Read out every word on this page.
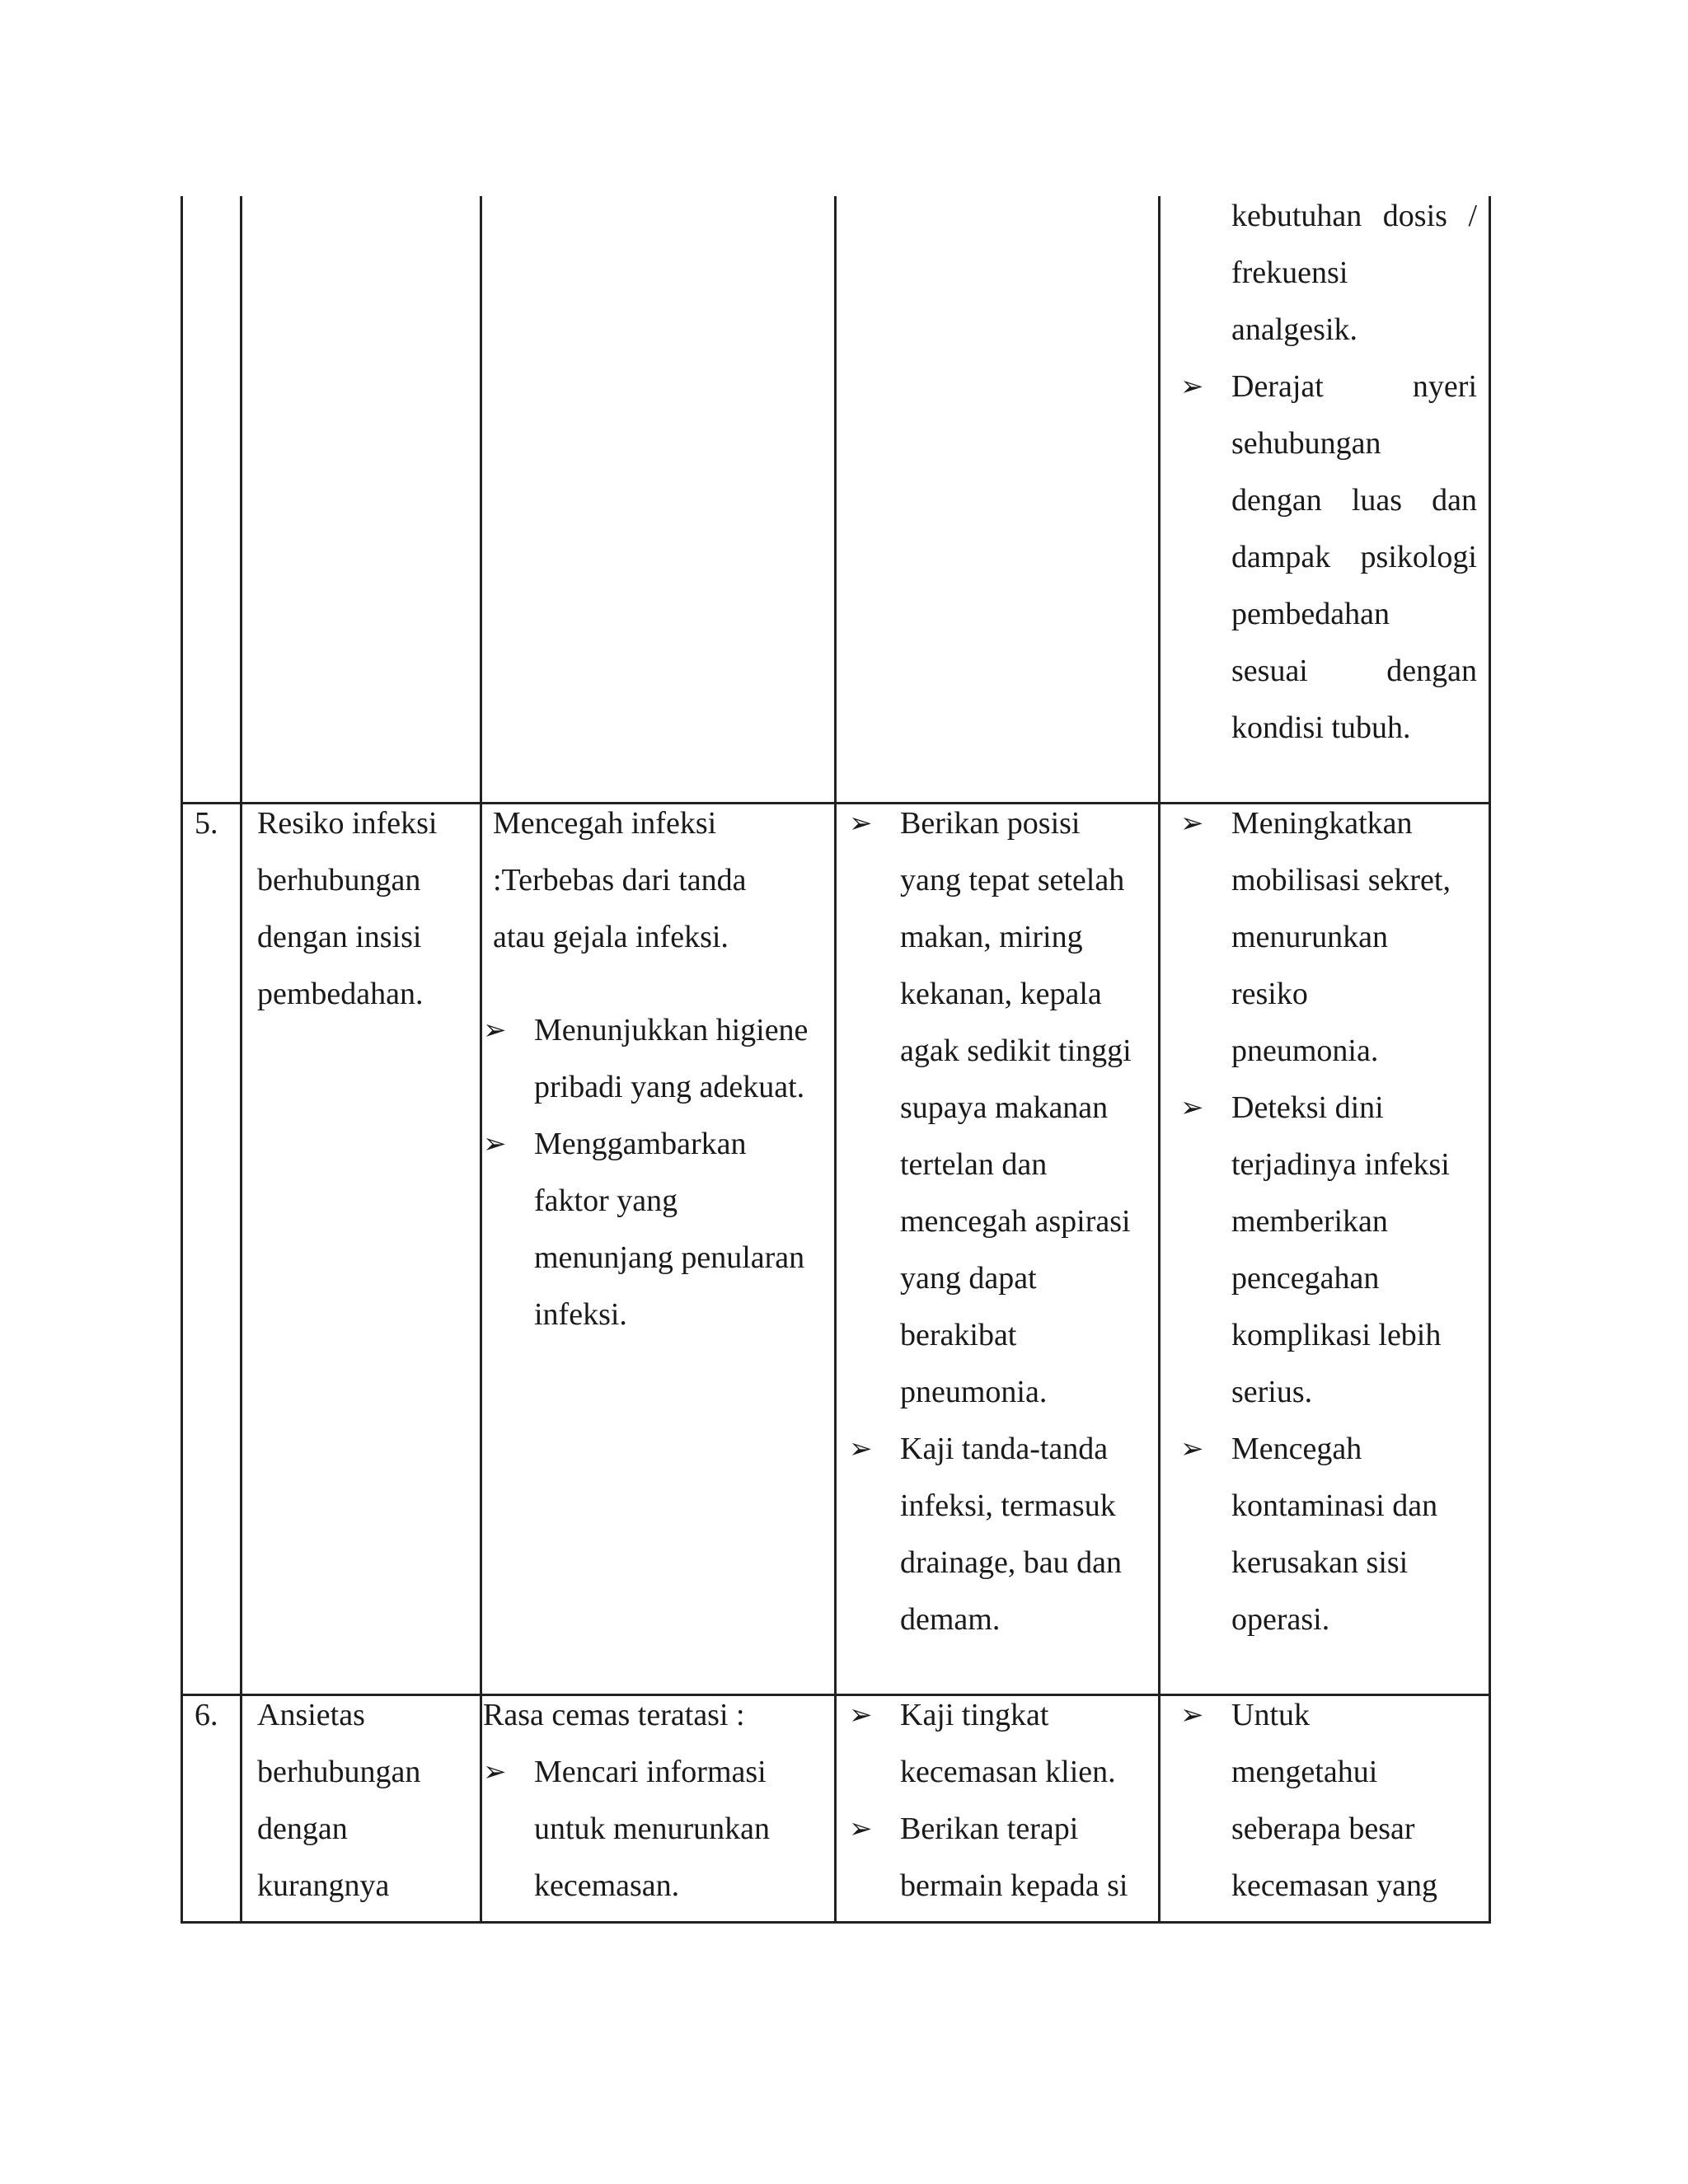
kebutuhan dosis /
frekuensi
analgesik.
➢ Derajat nyeri
sehubungan
dengan luas dan
dampak psikologi
pembedahan
sesuai dengan
kondisi tubuh.
5. Resiko infeksi
berhubungan
dengan insisi
pembedahan.
Mencegah infeksi
:Terbebas dari tanda
atau gejala infeksi.
➢ Menunjukkan higiene
pribadi yang adekuat.
➢ Menggambarkan
faktor yang
menunjang penularan
infeksi.
➢ Berikan posisi
yang tepat setelah
makan, miring
kekanan, kepala
agak sedikit tinggi
supaya makanan
tertelan dan
mencegah aspirasi
yang dapat
berakibat
pneumonia.
➢ Kaji tanda-tanda
infeksi, termasuk
drainage, bau dan
demam.
➢ Meningkatkan
mobilisasi sekret,
menurunkan
resiko
pneumonia.
➢ Deteksi dini
terjadinya infeksi
memberikan
pencegahan
komplikasi lebih
serius.
➢ Mencegah
kontaminasi dan
kerusakan sisi
operasi.
6. Ansietas
berhubungan
dengan
kurangnya
Rasa cemas teratasi :
➢ Mencari informasi
untuk menurunkan
kecemasan.
➢ Kaji tingkat
kecemasan klien.
➢ Berikan terapi
bermain kepada si
➢ Untuk
mengetahui
seberapa besar
kecemasan yang
